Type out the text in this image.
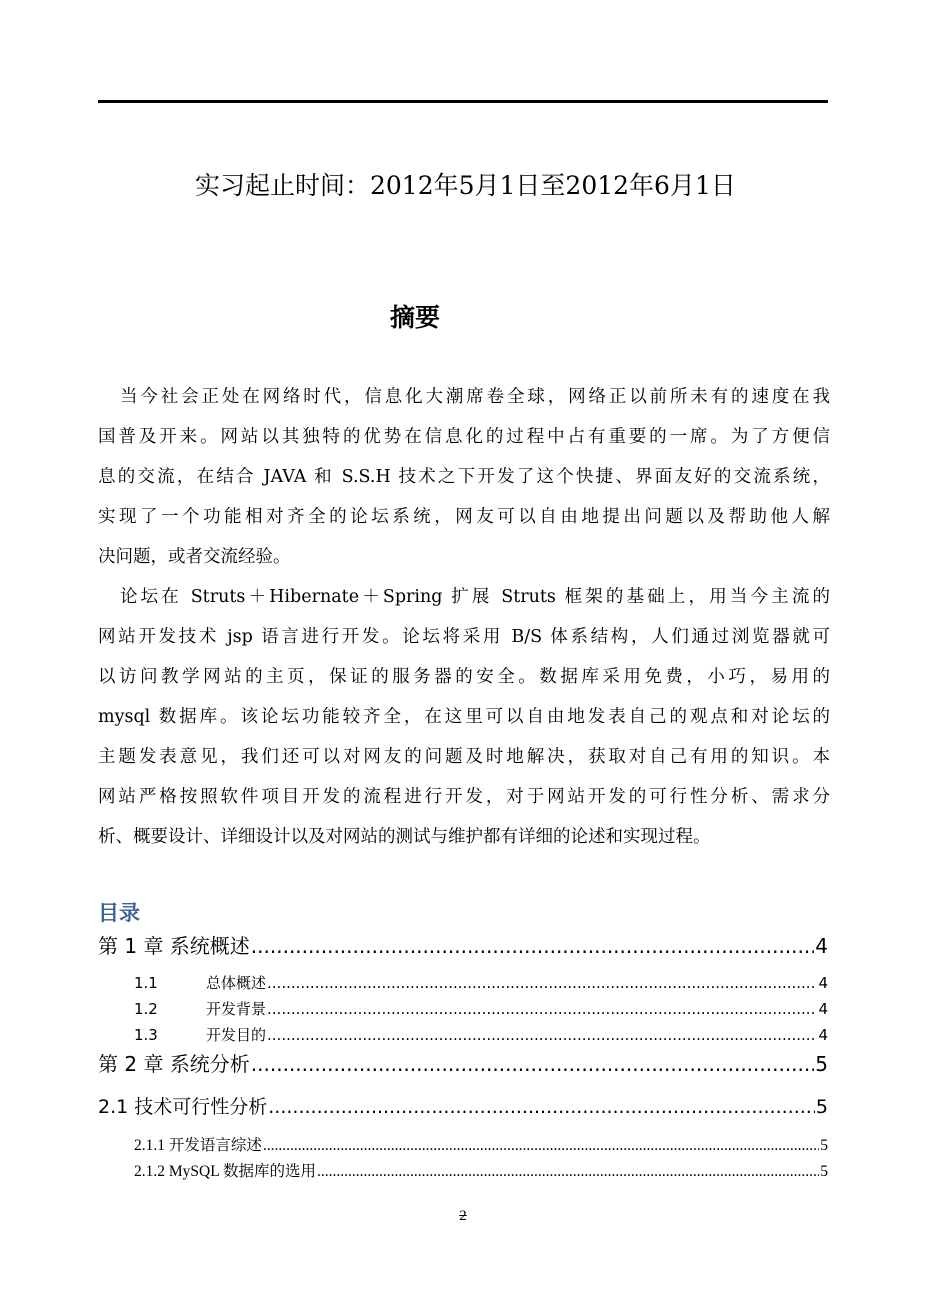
实习起止时间：2012年5月1日至2012年6月1日
摘要
当今社会正处在网络时代，信息化大潮席卷全球，网络正以前所未有的速度在我
国普及开来。网站以其独特的优势在信息化的过程中占有重要的一席。为了方便信
息的交流，在结合 JAVA 和 S.S.H 技术之下开发了这个快捷、界面友好的交流系统，
实现了一个功能相对齐全的论坛系统，网友可以自由地提出问题以及帮助他人解
决问题，或者交流经验。
论坛在 Struts＋Hibernate＋Spring 扩展 Struts 框架的基础上，用当今主流的
网站开发技术 jsp 语言进行开发。论坛将采用 B/S 体系结构，人们通过浏览器就可
以访问教学网站的主页，保证的服务器的安全。数据库采用免费，小巧，易用的
mysql 数据库。该论坛功能较齐全，在这里可以自由地发表自己的观点和对论坛的
主题发表意见，我们还可以对网友的问题及时地解决，获取对自己有用的知识。本
网站严格按照软件项目开发的流程进行开发，对于网站开发的可行性分析、需求分
析、概要设计、详细设计以及对网站的测试与维护都有详细的论述和实现过程。
目录
第 1 章 系统概述 .....	4
1.1	总体概述 .....	4
1.2	开发背景 .....	4
1.3	开发目的 .....	4
第 2 章 系统分析 .....	5
2.1 技术可行性分析 .....	5
2.1.1 开发语言综述 .....	5
2.1.2 MySQL 数据库的选用 .....	5
2
